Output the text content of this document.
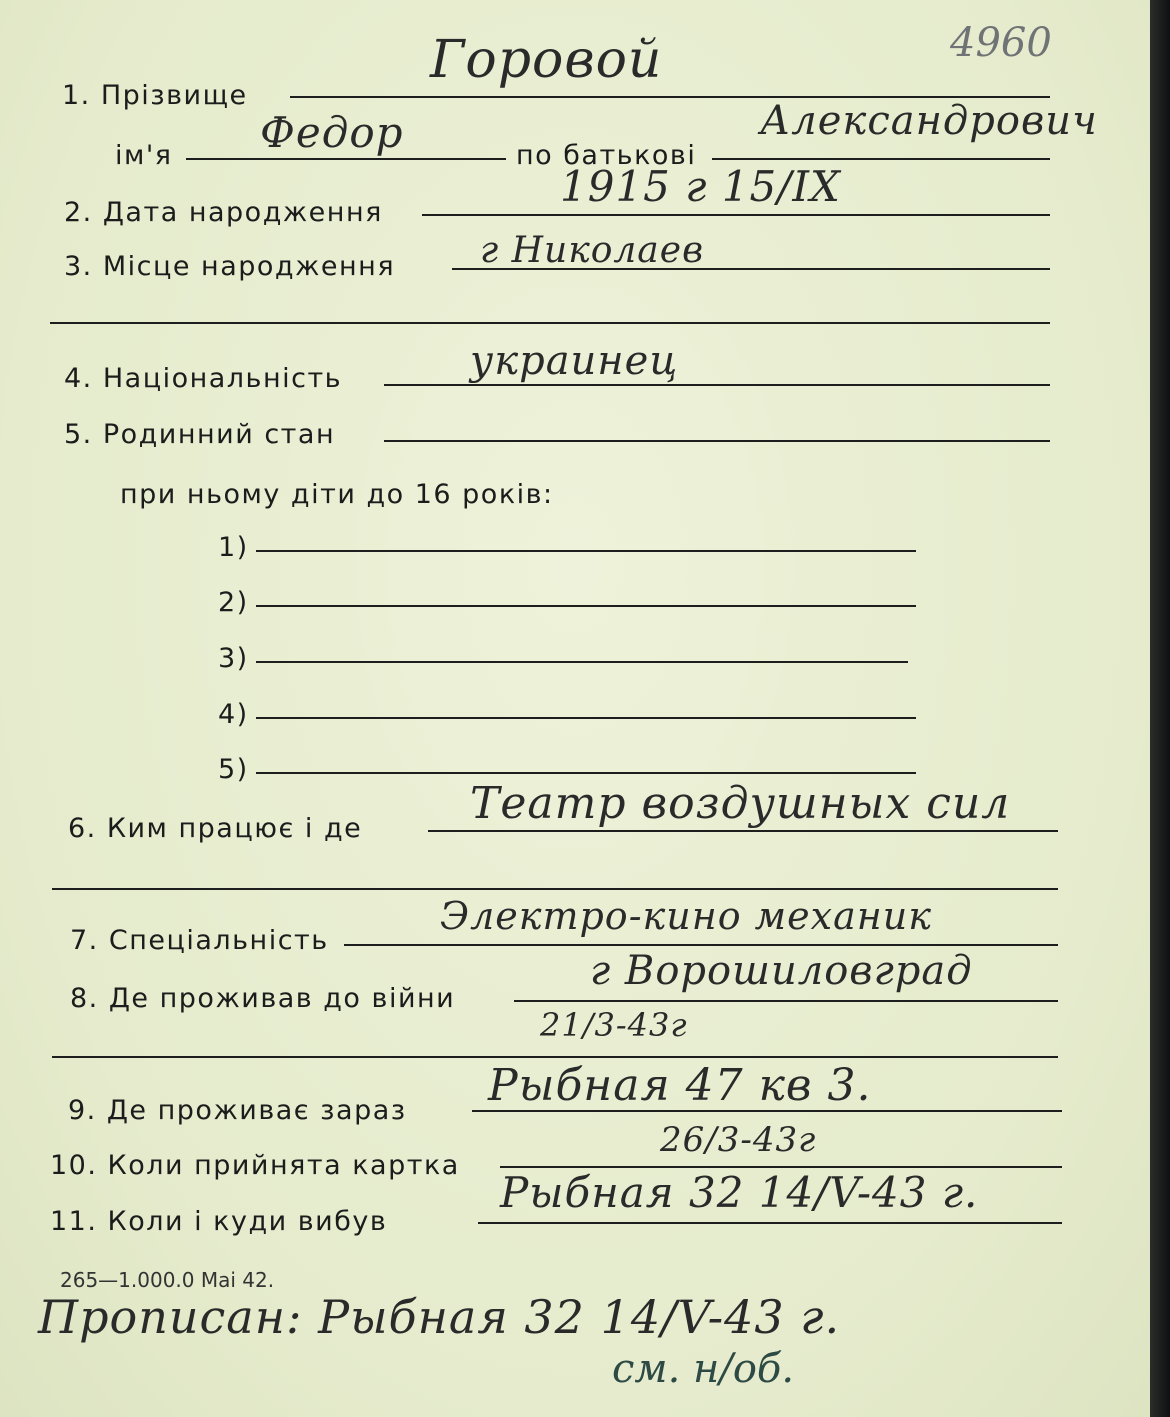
4960
1. Прізвище
Горовой
ім'я Федор	по батькові
Александрович
2. Дата народження
1915 г 15/IX
3. Місце народження г Николаев
4. Національність	украинец
5. Родинний стан
при ньому діти до 16 років:
1)
2)
3)
4)
5)
6. Ким працює і де Театр воздушных сил
7. Спеціальність
Электро-кино механик
8. Де проживав до війни
г Ворошиловград
21/3-43г
9. Де проживає зараз Рыбная 47 кв 3.
10. Коли прийнята картка
26/3-43г
11. Коли і куди вибув
Рыбная 32 14/V-43 г.
265—1.000.0 Mai 42.
Прописан: Рыбная 32 14/V-43 г.
см. н/об.
